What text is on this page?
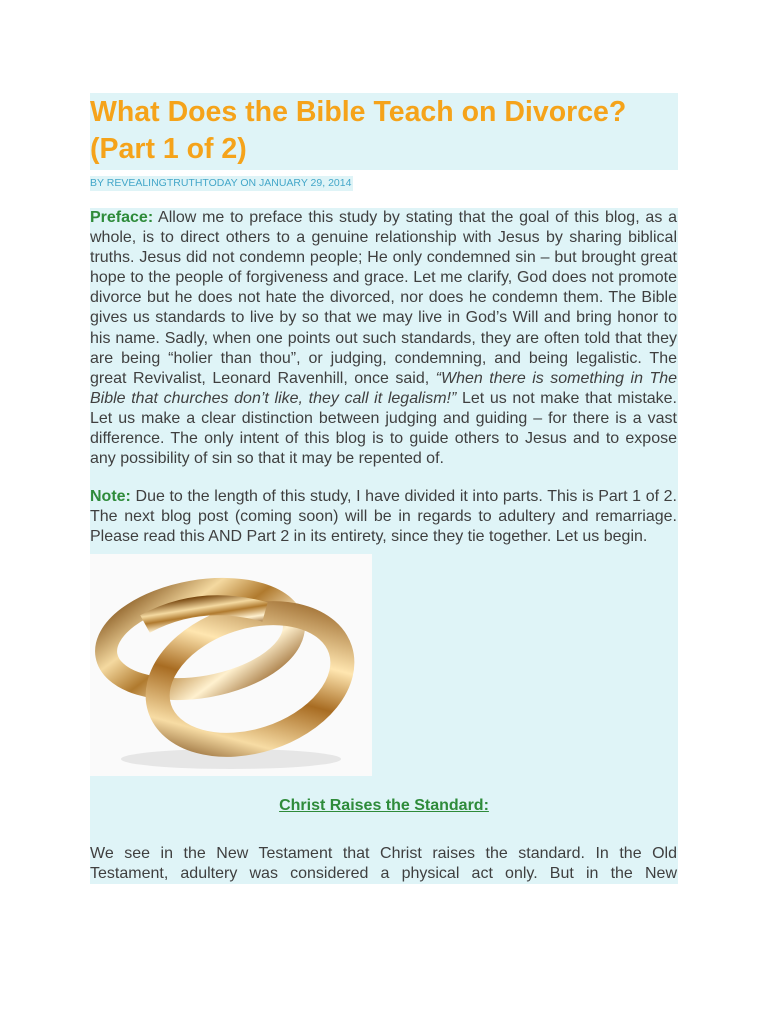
What Does the Bible Teach on Divorce?
(Part 1 of 2)
BY REVEALINGTRUTHTODAY ON JANUARY 29, 2014

Preface: Allow me to preface this study by stating that the goal of this blog, as a whole, is to direct others to a genuine relationship with Jesus by sharing biblical truths. Jesus did not condemn people; He only condemned sin – but brought great hope to the people of forgiveness and grace. Let me clarify, God does not promote divorce but he does not hate the divorced, nor does he condemn them. The Bible gives us standards to live by so that we may live in God’s Will and bring honor to his name. Sadly, when one points out such standards, they are often told that they are being “holier than thou”, or judging, condemning, and being legalistic. The great Revivalist, Leonard Ravenhill, once said, “When there is something in The Bible that churches don’t like, they call it legalism!” Let us not make that mistake. Let us make a clear distinction between judging and guiding – for there is a vast difference. The only intent of this blog is to guide others to Jesus and to expose any possibility of sin so that it may be repented of.

Note: Due to the length of this study, I have divided it into parts. This is Part 1 of 2. The next blog post (coming soon) will be in regards to adultery and remarriage. Please read this AND Part 2 in its entirety, since they tie together. Let us begin.

Christ Raises the Standard:

We see in the New Testament that Christ raises the standard. In the Old Testament, adultery was considered a physical act only. But in the New
